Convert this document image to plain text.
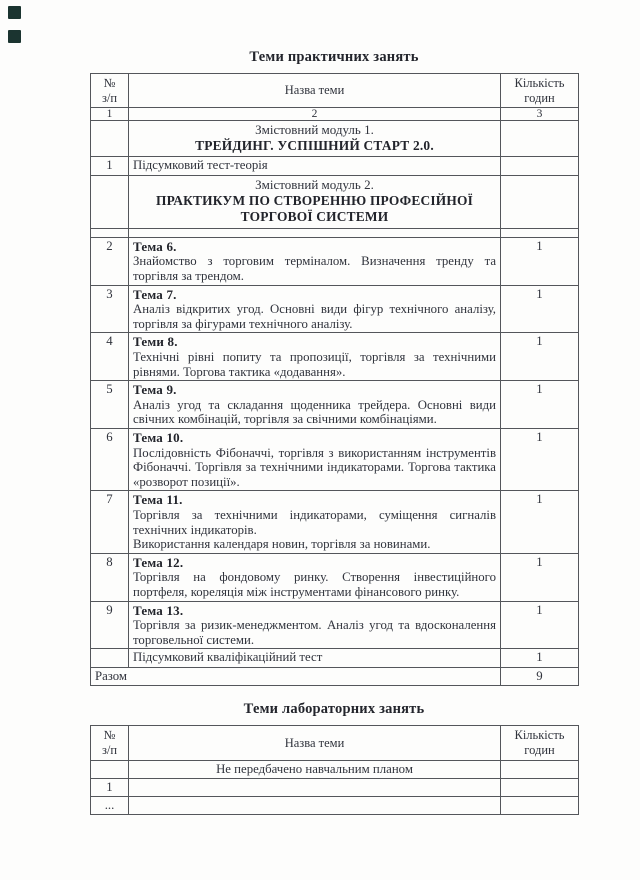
Теми практичних занять
№
з/п	Назва теми	Кількість
годин

1	2	3

	Змістовний модуль 1.
ТРЕЙДИНГ. УСПІШНИЙ СТАРТ 2.0.	

1	Підсумковий тест-теорія	

	Змістовний модуль 2.
ПРАКТИКУМ ПО СТВОРЕННЮ ПРОФЕСІЙНОЇ ТОРГОВОЇ СИСТЕМИ	

2	Тема 6.
Знайомство з торговим терміналом. Визначення тренду та торгівля за трендом.	1
3	Тема 7.
Аналіз відкритих угод. Основні види фігур технічного аналізу, торгівля за фігурами технічного аналізу.	1
4	Теми 8.
Технічні рівні попиту та пропозиції, торгівля за технічними рівнями. Торгова тактика «додавання».	1
5	Тема 9.
Аналіз угод та складання щоденника трейдера. Основні види свічних комбінацій, торгівля за свічними комбінаціями.	1
6	Тема 10.
Послідовність Фібоначчі, торгівля з використанням інструментів Фібоначчі. Торгівля за технічними індикаторами. Торгова тактика «розворот позиції».	1
7	Тема 11.
Торгівля за технічними індикаторами, суміщення сигналів технічних індикаторів.
Використання календаря новин, торгівля за новинами.	1
8	Тема 12.
Торгівля на фондовому ринку. Створення інвестиційного портфеля, кореляція між інструментами фінансового ринку.	1
9	Тема 13.
Торгівля за ризик-менеджментом. Аналіз угод та вдосконалення торговельної системи.	1
	Підсумковий кваліфікаційний тест	1
Разом		9
Теми лабораторних занять
№
з/п	Назва теми	Кількість
годин

	Не передбачено навчальним планом	
1		
...		
